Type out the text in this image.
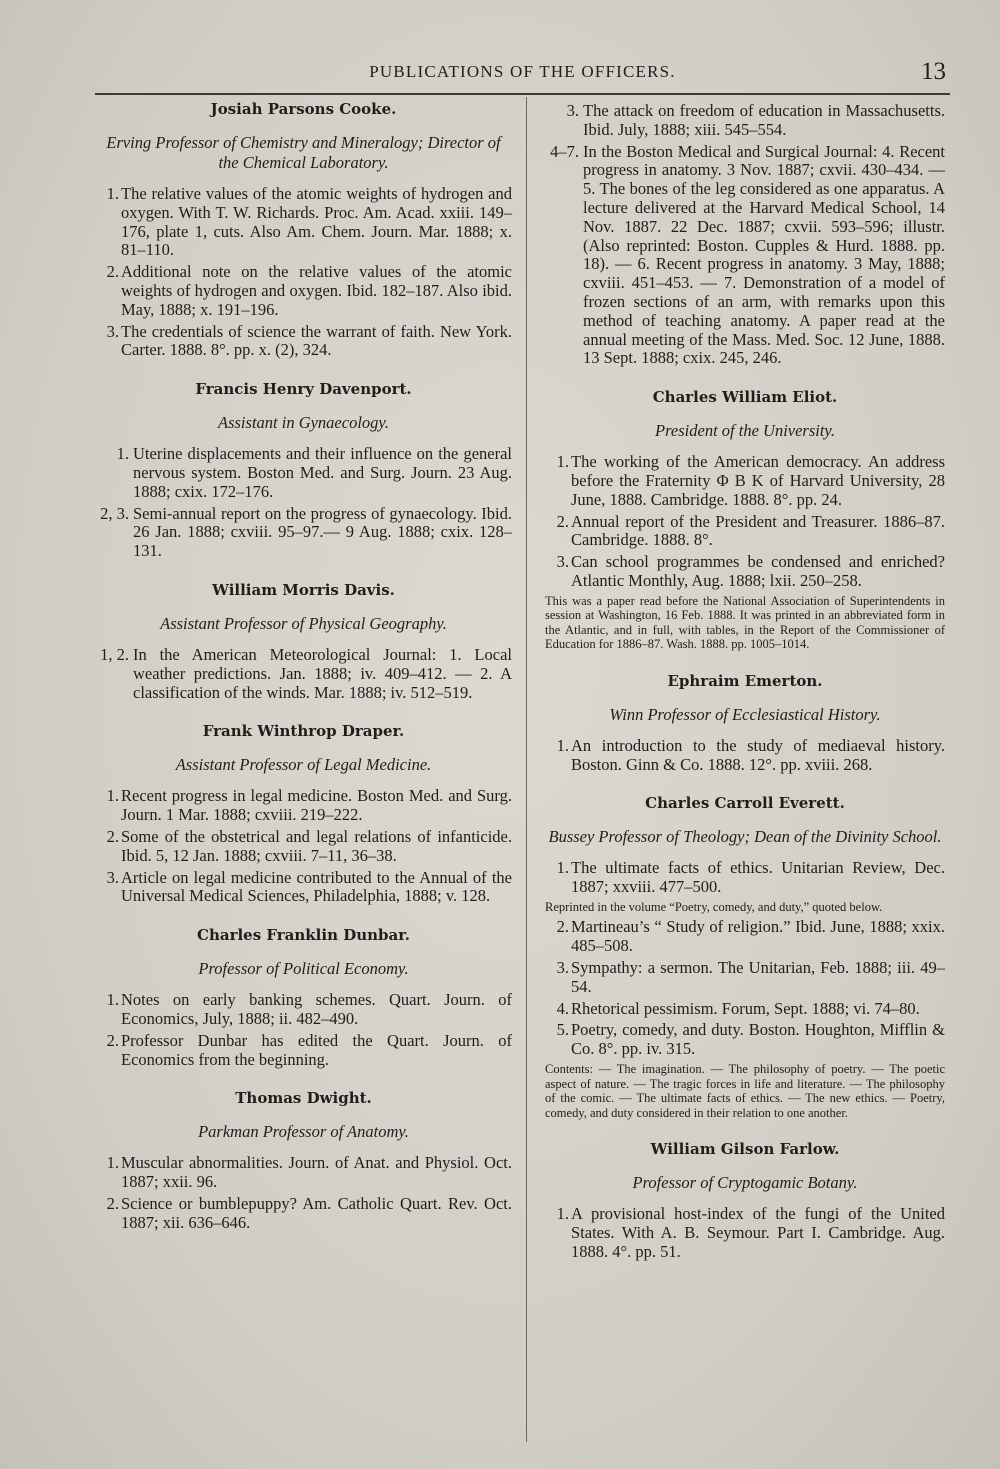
PUBLICATIONS OF THE OFFICERS.	13
Josiah Parsons Cooke.
Erving Professor of Chemistry and Mineralogy; Director of the Chemical Laboratory.
1. The relative values of the atomic weights of hydrogen and oxygen. With T. W. Richards. Proc. Am. Acad. xxiii. 149–176, plate 1, cuts. Also Am. Chem. Journ. Mar. 1888; x. 81–110.
2. Additional note on the relative values of the atomic weights of hydrogen and oxygen. Ibid. 182–187. Also ibid. May, 1888; x. 191–196.
3. The credentials of science the warrant of faith. New York. Carter. 1888. 8°. pp. x. (2), 324.
Francis Henry Davenport.
Assistant in Gynaecology.
1. Uterine displacements and their influence on the general nervous system. Boston Med. and Surg. Journ. 23 Aug. 1888; cxix. 172–176.
2, 3. Semi-annual report on the progress of gynaecology. Ibid. 26 Jan. 1888; cxviii. 95–97.— 9 Aug. 1888; cxix. 128–131.
William Morris Davis.
Assistant Professor of Physical Geography.
1, 2. In the American Meteorological Journal: 1. Local weather predictions. Jan. 1888; iv. 409–412. — 2. A classification of the winds. Mar. 1888; iv. 512–519.
Frank Winthrop Draper.
Assistant Professor of Legal Medicine.
1. Recent progress in legal medicine. Boston Med. and Surg. Journ. 1 Mar. 1888; cxviii. 219–222.
2. Some of the obstetrical and legal relations of infanticide. Ibid. 5, 12 Jan. 1888; cxviii. 7–11, 36–38.
3. Article on legal medicine contributed to the Annual of the Universal Medical Sciences, Philadelphia, 1888; v. 128.
Charles Franklin Dunbar.
Professor of Political Economy.
1. Notes on early banking schemes. Quart. Journ. of Economics, July, 1888; ii. 482–490.
2. Professor Dunbar has edited the Quart. Journ. of Economics from the beginning.
Thomas Dwight.
Parkman Professor of Anatomy.
1. Muscular abnormalities. Journ. of Anat. and Physiol. Oct. 1887; xxii. 96.
2. Science or bumblepuppy? Am. Catholic Quart. Rev. Oct. 1887; xii. 636–646.
3. The attack on freedom of education in Massachusetts. Ibid. July, 1888; xiii. 545–554.
4–7. In the Boston Medical and Surgical Journal: 4. Recent progress in anatomy. 3 Nov. 1887; cxvii. 430–434. — 5. The bones of the leg considered as one apparatus. A lecture delivered at the Harvard Medical School, 14 Nov. 1887. 22 Dec. 1887; cxvii. 593–596; illustr. (Also reprinted: Boston. Cupples & Hurd. 1888. pp. 18). — 6. Recent progress in anatomy. 3 May, 1888; cxviii. 451–453. — 7. Demonstration of a model of frozen sections of an arm, with remarks upon this method of teaching anatomy. A paper read at the annual meeting of the Mass. Med. Soc. 12 June, 1888. 13 Sept. 1888; cxix. 245, 246.
Charles William Eliot.
President of the University.
1. The working of the American democracy. An address before the Fraternity Φ B K of Harvard University, 28 June, 1888. Cambridge. 1888. 8°. pp. 24.
2. Annual report of the President and Treasurer. 1886–87. Cambridge. 1888. 8°.
3. Can school programmes be condensed and enriched? Atlantic Monthly, Aug. 1888; lxii. 250–258.
This was a paper read before the National Association of Superintendents in session at Washington, 16 Feb. 1888. It was printed in an abbreviated form in the Atlantic, and in full, with tables, in the Report of the Commissioner of Education for 1886–87. Wash. 1888. pp. 1005–1014.
Ephraim Emerton.
Winn Professor of Ecclesiastical History.
1. An introduction to the study of mediaeval history. Boston. Ginn & Co. 1888. 12°. pp. xviii. 268.
Charles Carroll Everett.
Bussey Professor of Theology; Dean of the Divinity School.
1. The ultimate facts of ethics. Unitarian Review, Dec. 1887; xxviii. 477–500.
Reprinted in the volume “Poetry, comedy, and duty,” quoted below.
2. Martineau’s “ Study of religion.” Ibid. June, 1888; xxix. 485–508.
3. Sympathy: a sermon. The Unitarian, Feb. 1888; iii. 49–54.
4. Rhetorical pessimism. Forum, Sept. 1888; vi. 74–80.
5. Poetry, comedy, and duty. Boston. Houghton, Mifflin & Co. 8°. pp. iv. 315.
Contents: — The imagination. — The philosophy of poetry. — The poetic aspect of nature. — The tragic forces in life and literature. — The philosophy of the comic. — The ultimate facts of ethics. — The new ethics. — Poetry, comedy, and duty considered in their relation to one another.
William Gilson Farlow.
Professor of Cryptogamic Botany.
1. A provisional host-index of the fungi of the United States. With A. B. Seymour. Part I. Cambridge. Aug. 1888. 4°. pp. 51.
